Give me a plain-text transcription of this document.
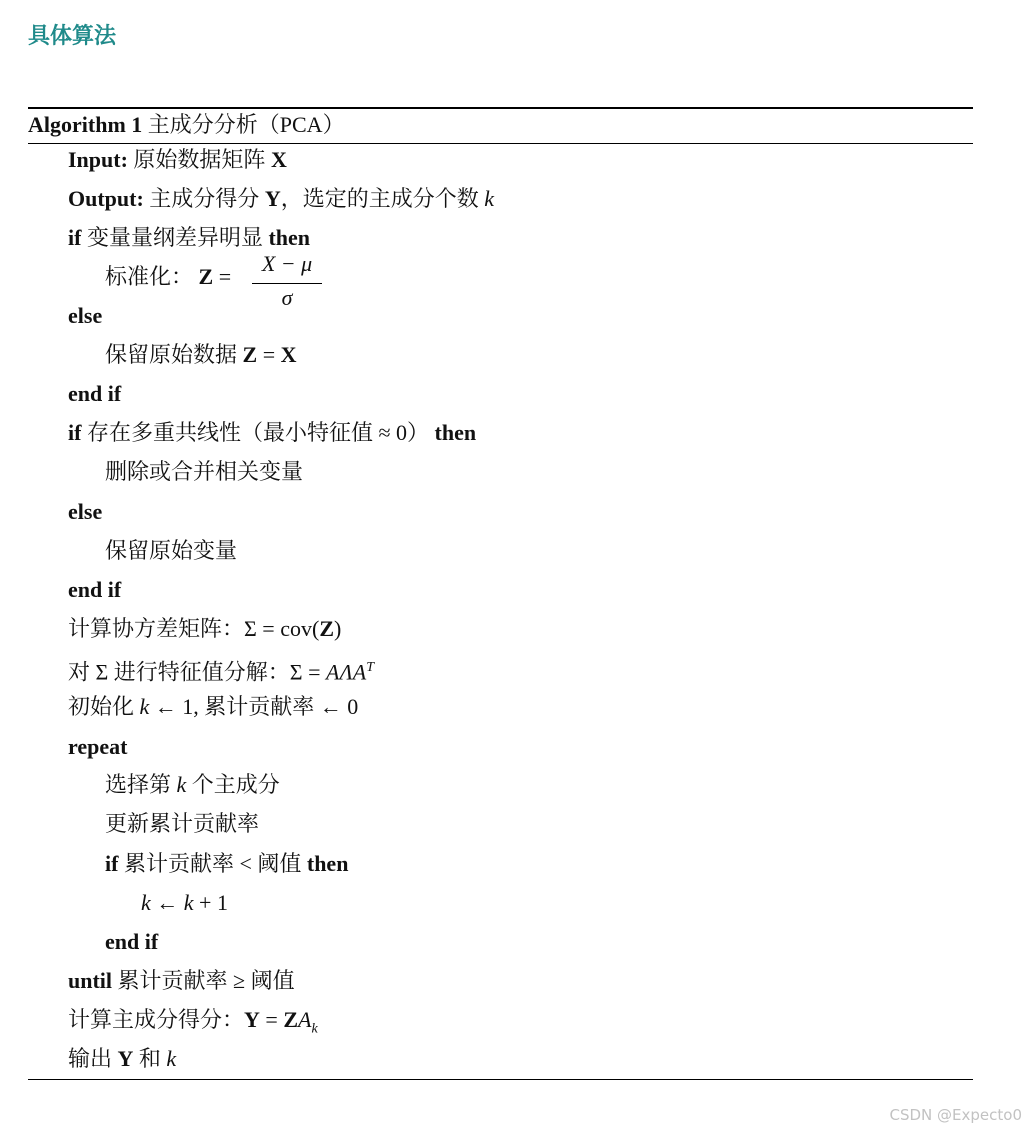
具体算法
Algorithm 1 主成分分析（PCA）
Input: 原始数据矩阵 X
Output: 主成分得分 Y，选定的主成分个数 k
if 变量量纲差异明显 then
标准化： Z =
X − μ
σ
else
保留原始数据 Z = X
end if
if 存在多重共线性（最小特征值 ≈ 0） then
删除或合并相关变量
else
保留原始变量
end if
计算协方差矩阵：Σ = cov(Z)
对 Σ 进行特征值分解：$\Sigma = A\Lambda A^T$
初始化 k ← 1, 累计贡献率 ← 0
repeat
选择第 k 个主成分
更新累计贡献率
if 累计贡献率 < 阈值 then
k ← k + 1
end if
until 累计贡献率 ≥ 阈值
计算主成分得分：$Y = ZA_k$
输出 Y 和 k
CSDN @Expecto0
